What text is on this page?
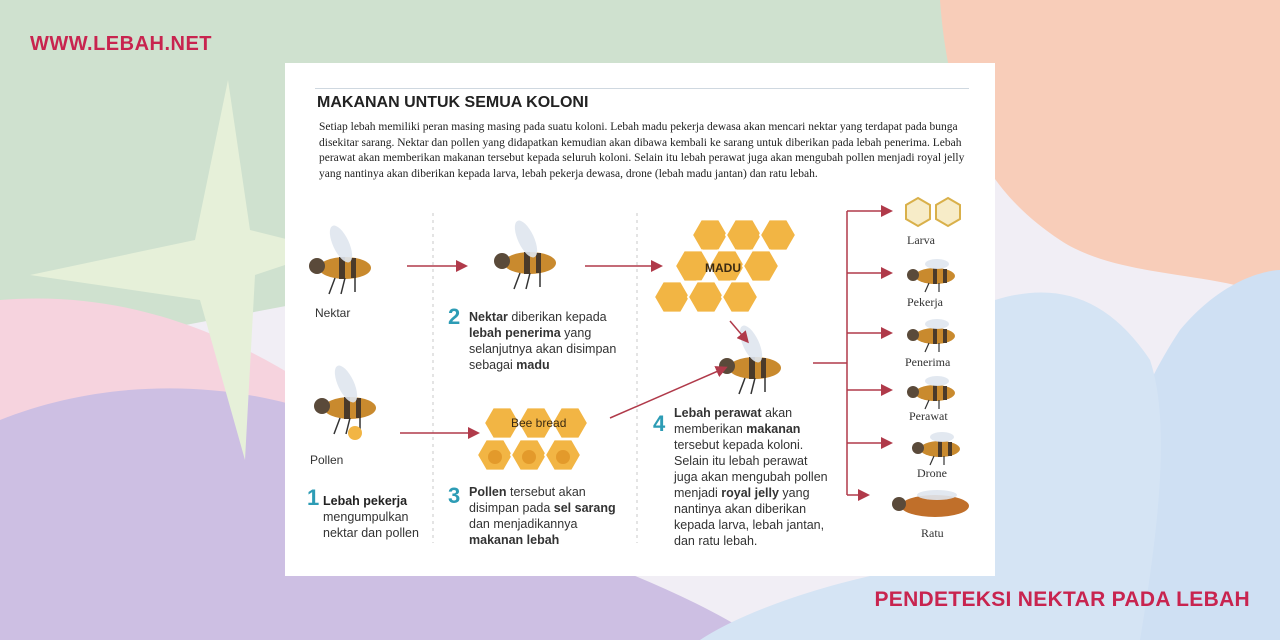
WWW.LEBAH.NET
PENDETEKSI NEKTAR PADA LEBAH
MAKANAN UNTUK SEMUA KOLONI
Setiap lebah memiliki peran masing masing pada suatu koloni. Lebah madu pekerja dewasa akan mencari nektar yang terdapat pada bunga disekitar sarang. Nektar dan pollen yang didapatkan kemudian akan dibawa kembali ke sarang untuk diberikan pada lebah penerima. Lebah perawat akan memberikan makanan tersebut kepada seluruh koloni. Selain itu lebah perawat juga akan mengubah pollen menjadi royal jelly yang nantinya akan diberikan kepada larva, lebah pekerja dewasa, drone (lebah madu jantan) dan ratu lebah.
MADU
Bee bread
Nektar
Pollen
1 Lebah pekerja
mengumpulkan
nektar dan pollen
2 Nektar diberikan kepada
lebah penerima yang
selanjutnya akan disimpan
sebagai madu
3 Pollen tersebut akan
disimpan pada sel sarang
dan menjadikannya
makanan lebah
4 Lebah perawat akan
memberikan makanan
tersebut kepada koloni.
Selain itu lebah perawat
juga akan mengubah pollen
menjadi royal jelly yang
nantinya akan diberikan
kepada larva, lebah jantan,
dan ratu lebah.
Larva
Pekerja
Penerima
Perawat
Drone
Ratu
